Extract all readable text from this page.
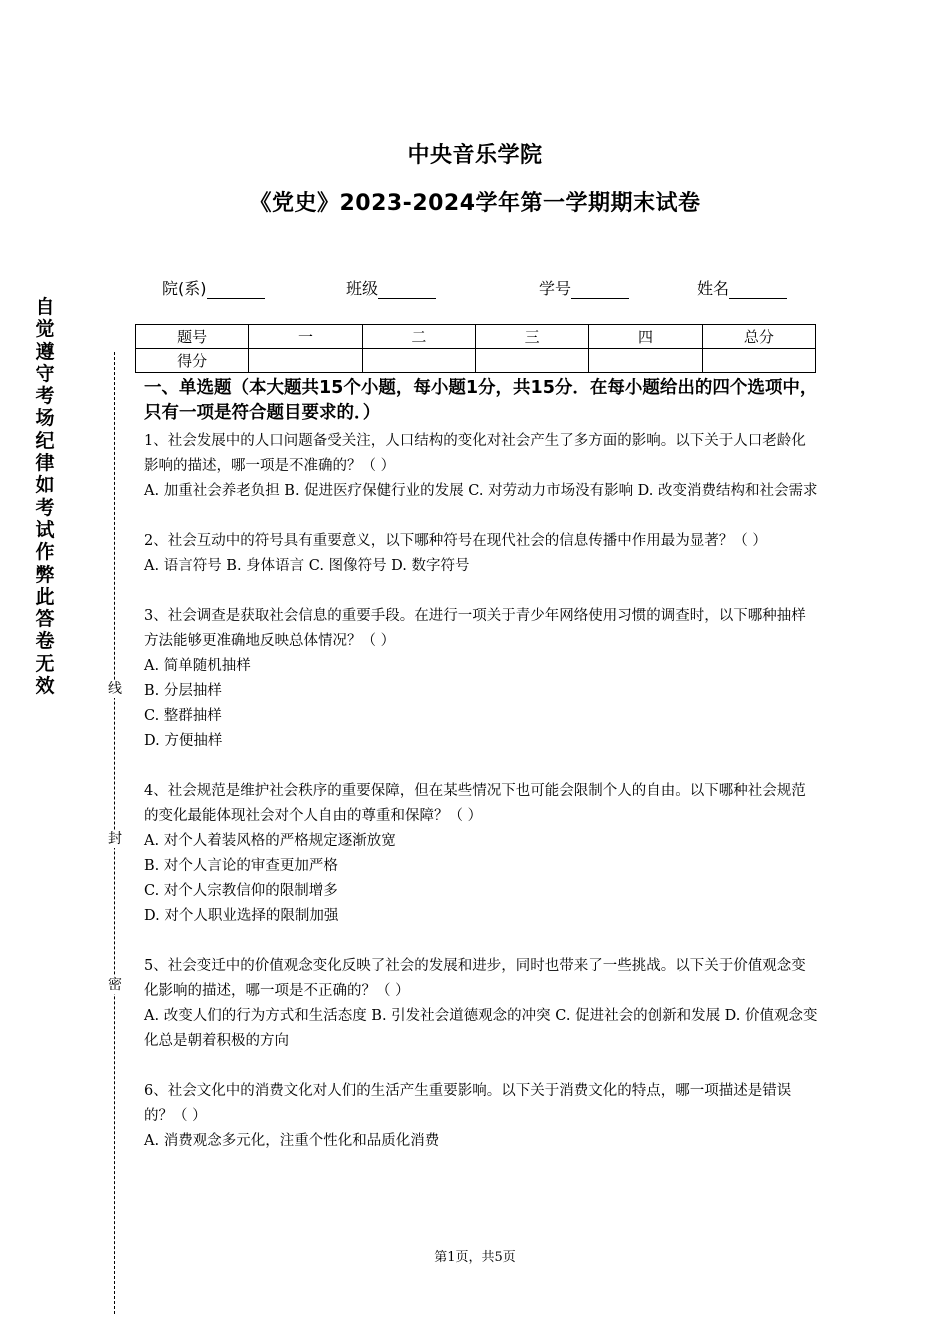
中央音乐学院
《党史》2023-2024学年第一学期期末试卷
院(系)	班级	学号	姓名
题号	一	二	三	四	总分
得分					
自觉遵守考场纪律如考试作弊此答卷无效	线
封
密
一、单选题（本大题共15个小题，每小题1分，共15分．在每小题给出的四个选项中，只有一项是符合题目要求的．）

1、社会发展中的人口问题备受关注，人口结构的变化对社会产生了多方面的影响。以下关于人口老龄化影响的描述，哪一项是不准确的？（ ）

A. 加重社会养老负担 B. 促进医疗保健行业的发展 C. 对劳动力市场没有影响 D. 改变消费结构和社会需求

2、社会互动中的符号具有重要意义，以下哪种符号在现代社会的信息传播中作用最为显著？（ ）

A. 语言符号 B. 身体语言 C. 图像符号 D. 数字符号

3、社会调查是获取社会信息的重要手段。在进行一项关于青少年网络使用习惯的调查时，以下哪种抽样方法能够更准确地反映总体情况？（ ）

A. 简单随机抽样

B. 分层抽样

C. 整群抽样

D. 方便抽样

4、社会规范是维护社会秩序的重要保障，但在某些情况下也可能会限制个人的自由。以下哪种社会规范的变化最能体现社会对个人自由的尊重和保障？（ ）

A. 对个人着装风格的严格规定逐渐放宽

B. 对个人言论的审查更加严格

C. 对个人宗教信仰的限制增多

D. 对个人职业选择的限制加强

5、社会变迁中的价值观念变化反映了社会的发展和进步，同时也带来了一些挑战。以下关于价值观念变化影响的描述，哪一项是不正确的？（ ）

A. 改变人们的行为方式和生活态度 B. 引发社会道德观念的冲突 C. 促进社会的创新和发展 D. 价值观念变化总是朝着积极的方向

6、社会文化中的消费文化对人们的生活产生重要影响。以下关于消费文化的特点，哪一项描述是错误的？（ ）

A. 消费观念多元化，注重个性化和品质化消费

第1页，共5页
